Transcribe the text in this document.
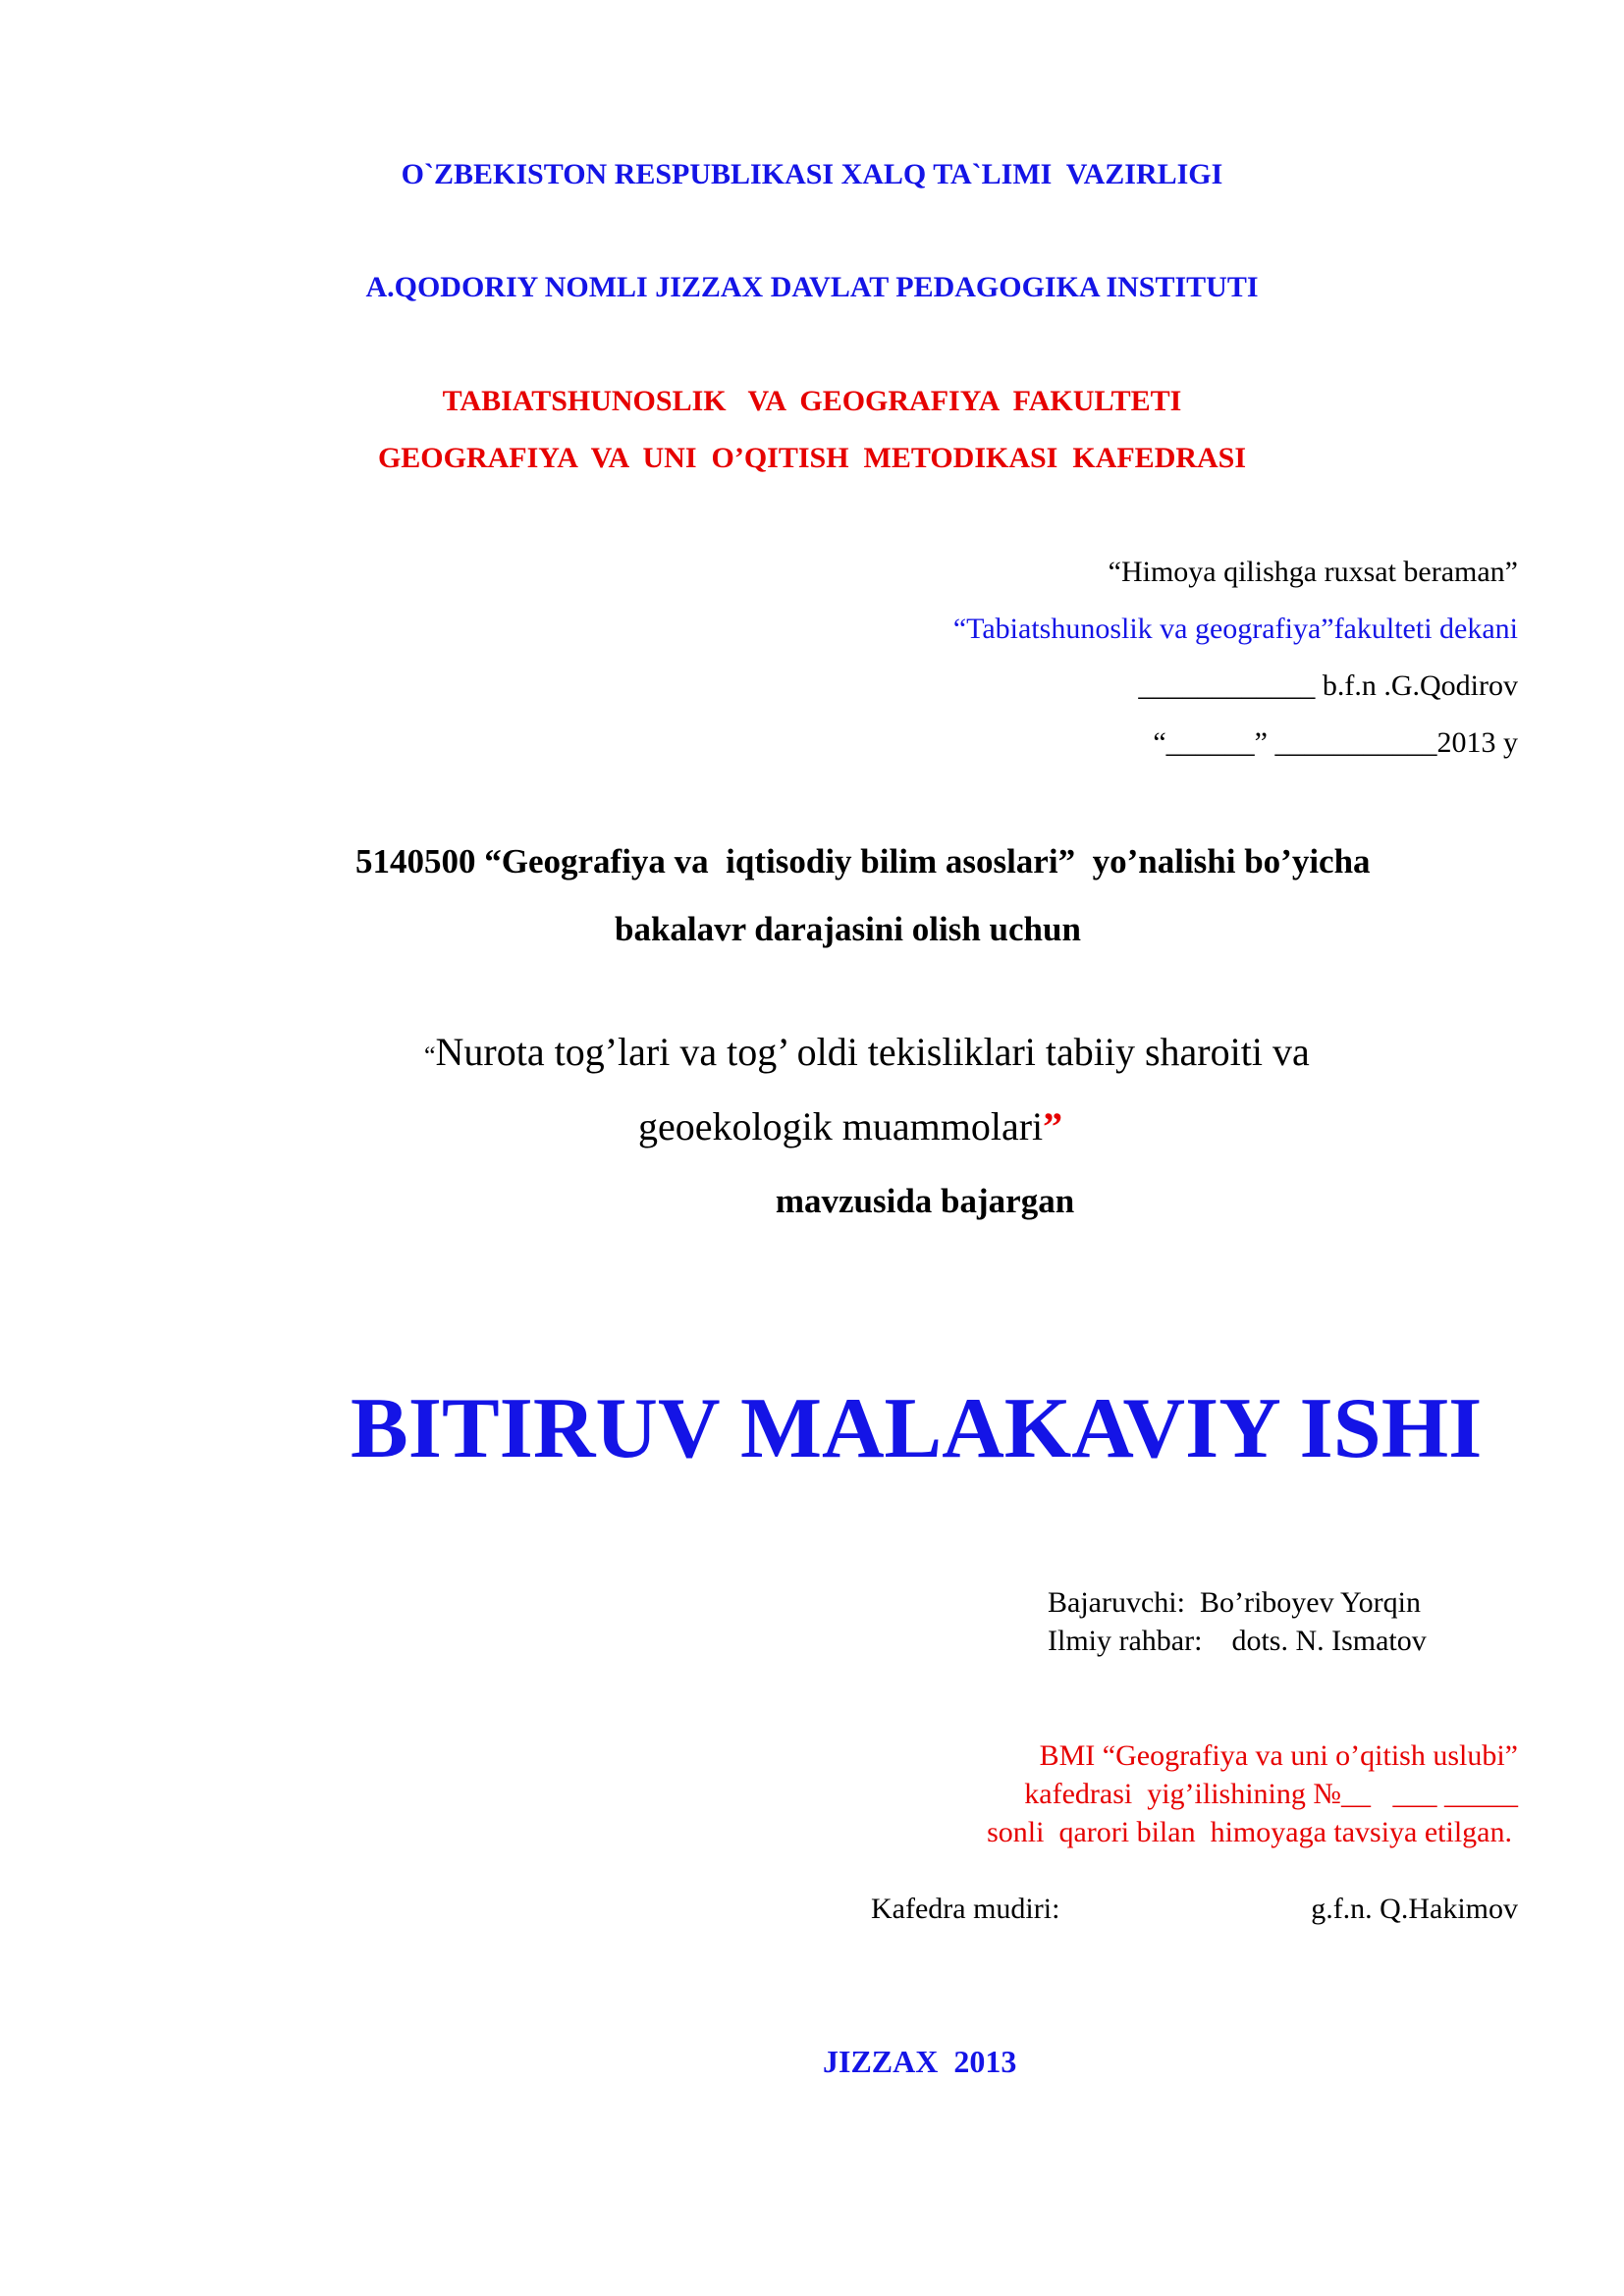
O`ZBEKISTON RESPUBLIKASI XALQ TA`LIMI  VAZIRLIGI
A.QODORIY NOMLI JIZZAX DAVLAT PEDAGOGIKA INSTITUTI
TABIATSHUNOSLIK   VA  GEOGRAFIYA  FAKULTETI
GEOGRAFIYA  VA  UNI  O’QITISH  METODIKASI  KAFEDRASI
“Himoya qilishga ruxsat beraman”
“Tabiatshunoslik va geografiya”fakulteti dekani
____________ b.f.n .G.Qodirov
“______” ___________2013 y
5140500 “Geografiya va  iqtisodiy bilim asoslari”  yo’nalishi bo’yicha
bakalavr darajasini olish uchun
“Nurota tog’lari va tog’ oldi tekisliklari tabiiy sharoiti va
geoekologik muammolari”
mavzusida bajargan
BITIRUV MALAKAVIY ISHI
Bajaruvchi:  Bo’riboyev Yorqin
Ilmiy rahbar:    dots. N. Ismatov
BMI “Geografiya va uni o’qitish uslubi”
kafedrasi  yig’ilishining №__   ___ _____
sonli  qarori bilan  himoyaga tavsiya etilgan.
Kafedra mudiri:	g.f.n. Q.Hakimov
JIZZAX  2013
